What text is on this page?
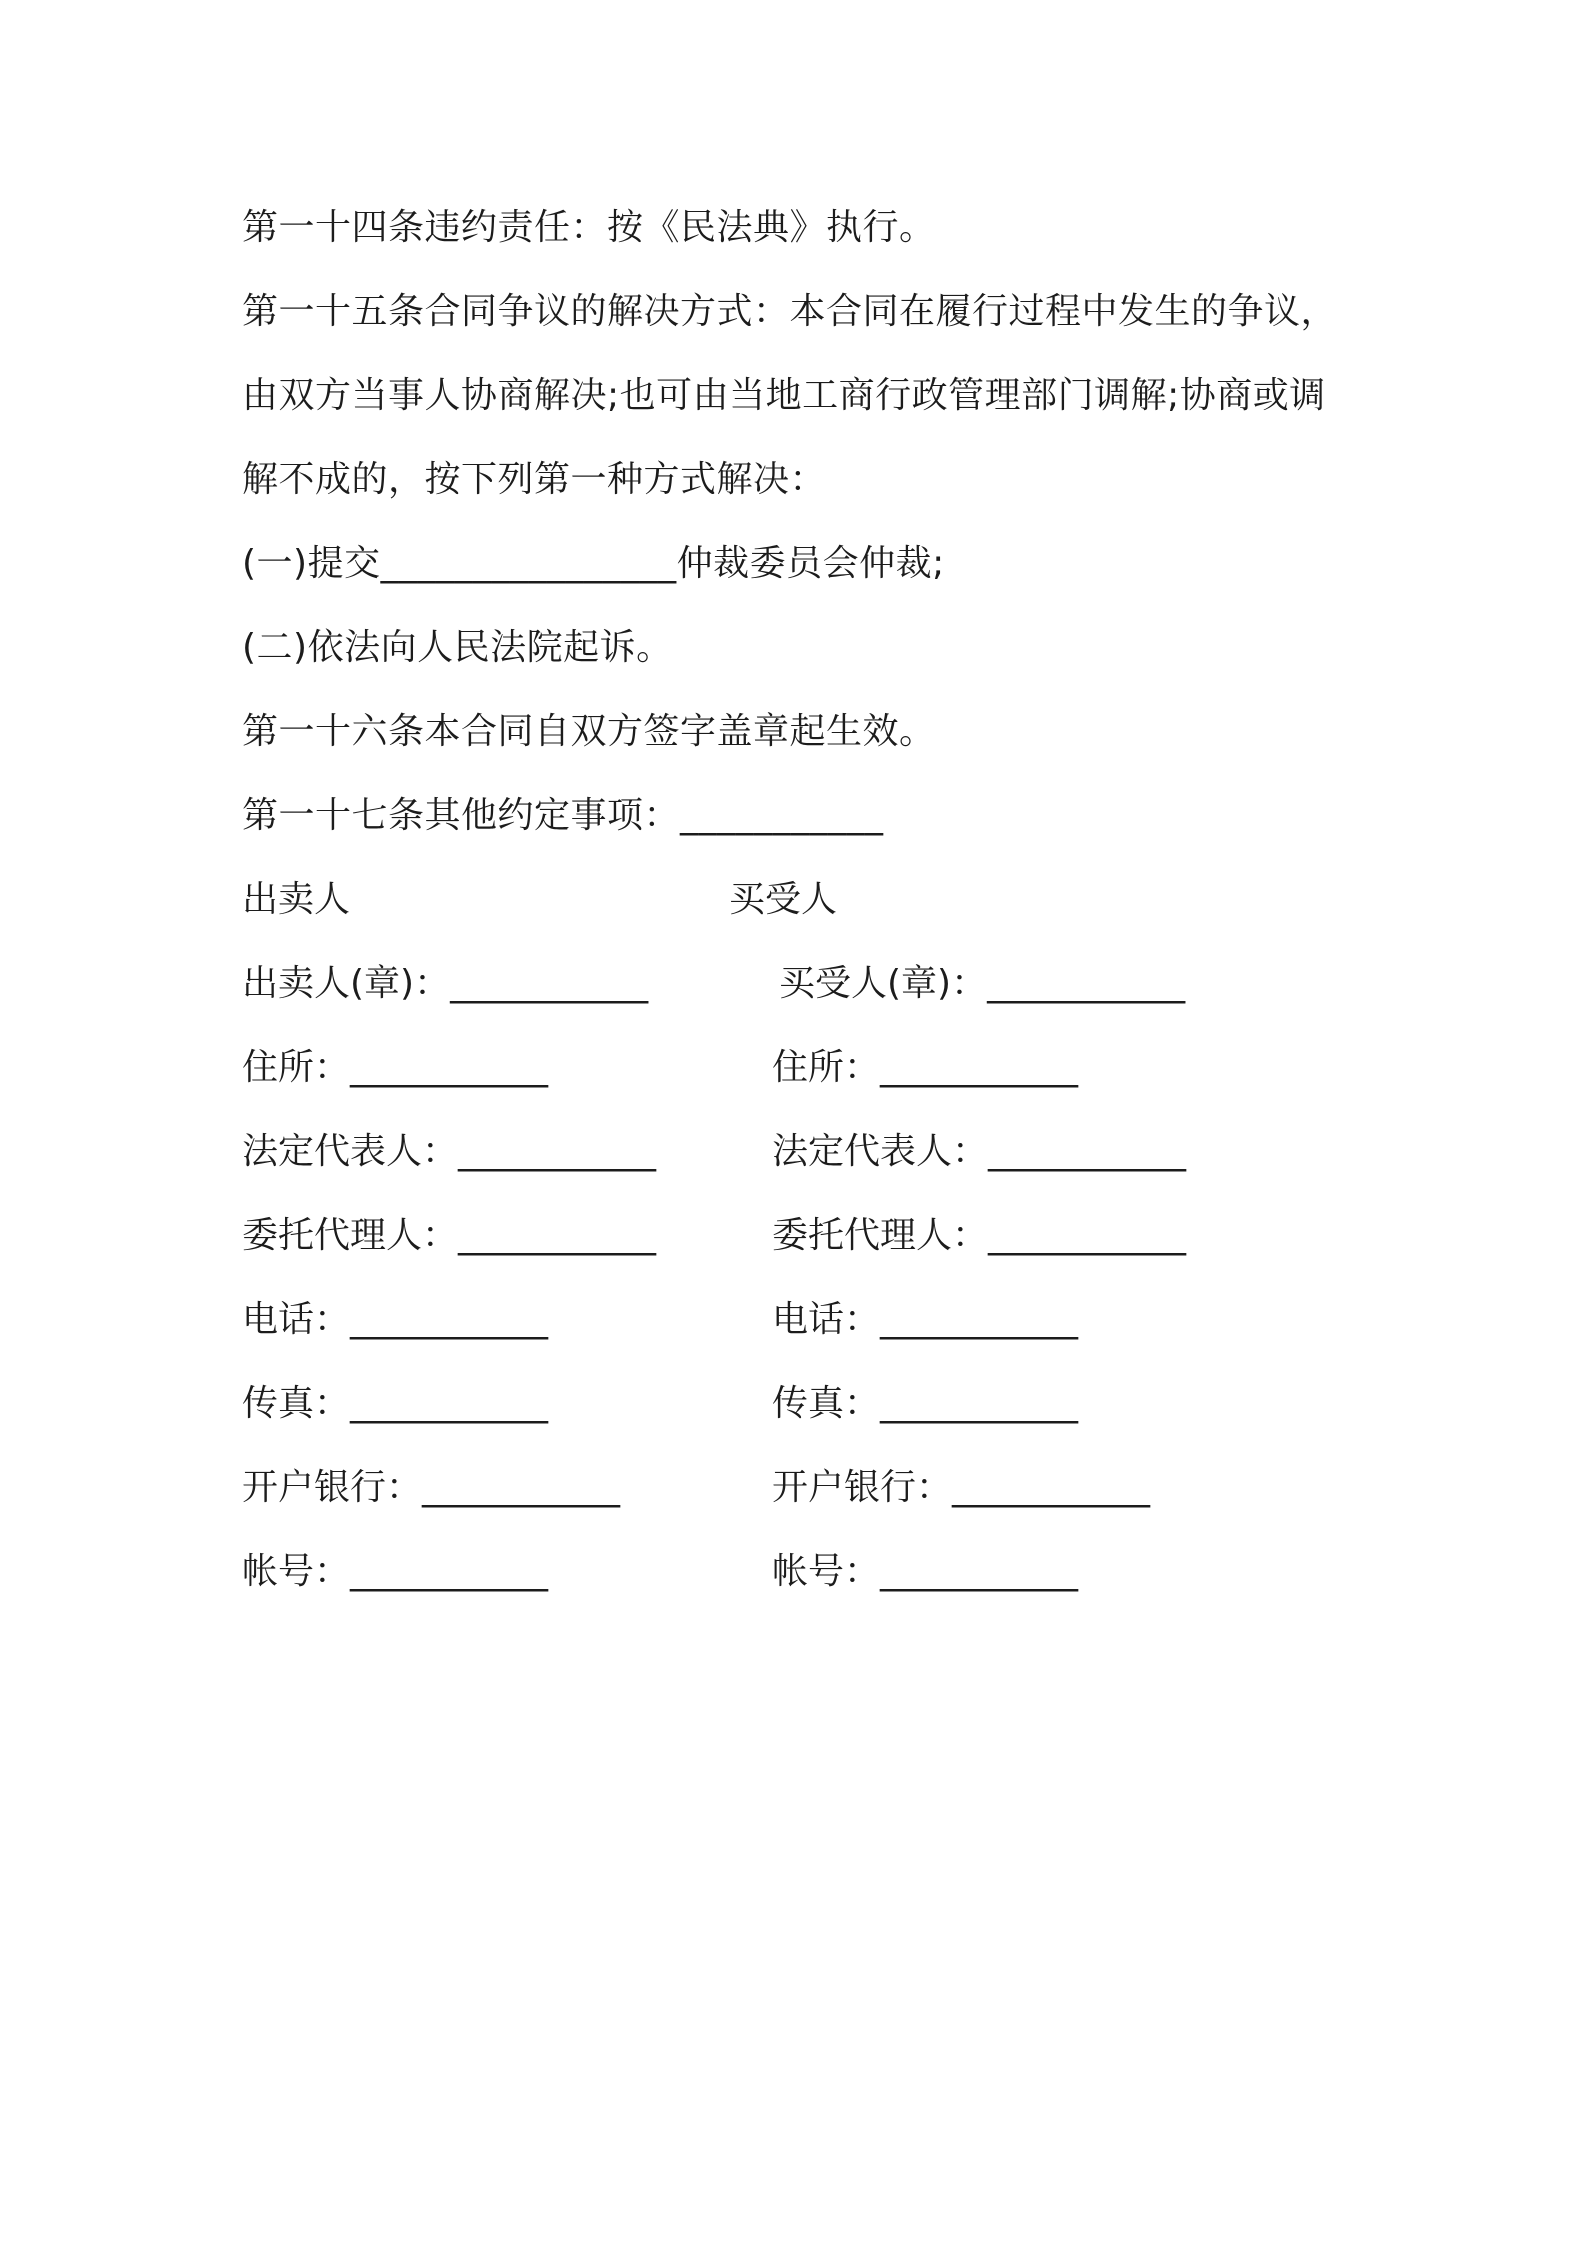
第一十四条违约责任：按《民法典》执行。
第一十五条合同争议的解决方式：本合同在履行过程中发生的争议，
由双方当事人协商解决;也可由当地工商行政管理部门调解;协商或调
解不成的，按下列第一种方式解决：
(一)提交________________仲裁委员会仲裁;
(二)依法向人民法院起诉。
第一十六条本合同自双方签字盖章起生效。
第一十七条其他约定事项：___________
出卖人	买受人
出卖人(章)：___________	买受人(章)：___________
住所：___________	住所：___________
法定代表人：___________	法定代表人：___________
委托代理人：___________	委托代理人：___________
电话：___________	电话：___________
传真：___________	传真：___________
开户银行：___________	开户银行：___________
帐号：___________	帐号：___________
